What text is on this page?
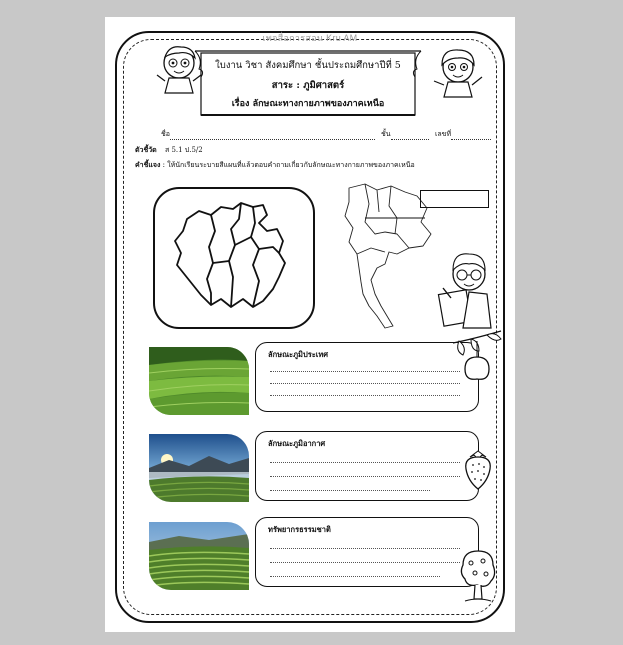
เพจสื่อการสอน Kru AM
ใบงาน วิชา สังคมศึกษา ชั้นประถมศึกษาปีที่ 5
สาระ : ภูมิศาสตร์
เรื่อง ลักษณะทางกายภาพของภาคเหนือ
ชื่อ	ชั้น	เลขที่
ตัวชี้วัด ส 5.1 ป.5/2
คำชี้แจง : ให้นักเรียนระบายสีแผนที่แล้วตอบคำถามเกี่ยวกับลักษณะทางกายภาพของภาคเหนือ
ลักษณะภูมิประเทศ
ลักษณะภูมิอากาศ
ทรัพยากรธรรมชาติ
